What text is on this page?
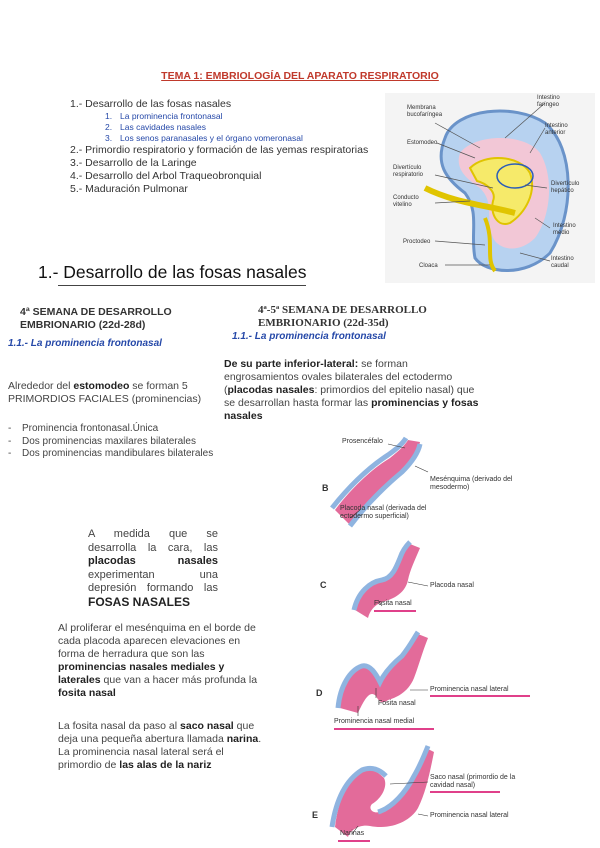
TEMA 1: EMBRIOLOGÍA DEL APARATO RESPIRATORIO
1.- Desarrollo de las fosas nasales
1. La prominencia frontonasal
2. Las cavidades nasales
3. Los senos paranasales y el órgano vomeronasal
2.- Primordio respiratorio y formación de las yemas respiratorias
3.- Desarrollo de la Laringe
4.- Desarrollo del Arbol Traqueobronquial
5.- Maduración Pulmonar
Membrana bucofaríngea
Intestino faríngeo
Estomodeo
Intestino anterior
Divertículo respiratorio
Divertículo hepático
Conducto vitelino
Intestino medio
Proctodeo
Intestino caudal
Cloaca
1.- Desarrollo de las fosas nasales
4ª SEMANA DE DESARROLLO EMBRIONARIO (22d-28d)
1.1.- La prominencia frontonasal
Alrededor del estomodeo se forman 5 PRIMORDIOS FACIALES (prominencias)
-	Prominencia frontonasal.Única
-	Dos prominencias maxilares bilaterales
-	Dos prominencias mandibulares bilaterales
A medida que se desarrolla la cara, las placodas nasales experimentan una depresión formando las FOSAS NASALES
Al proliferar el mesénquima en el borde de cada placoda aparecen elevaciones en forma de herradura que son las prominencias nasales mediales y laterales que van a hacer más profunda la fosita nasal
La fosita nasal da paso al saco nasal que deja una pequeña abertura llamada narina. La prominencia nasal lateral será el primordio de las alas de la nariz
4ª-5ª SEMANA DE DESARROLLO EMBRIONARIO (22d-35d)
1.1.- La prominencia frontonasal
De su parte inferior-lateral: se forman engrosamientos ovales bilaterales del ectodermo (placodas nasales: primordios del epitelio nasal) que se desarrollan hasta formar las prominencias y fosas nasales
B
Prosencéfalo
Mesénquima (derivado del mesodermo)
Placoda nasal (derivada del ectodermo superficial)
C	Placoda nasal
Fosita nasal
D	Prominencia nasal lateral
Fosita nasal
Prominencia nasal medial
E
Saco nasal (primordio de la cavidad nasal)
Prominencia nasal lateral
Narinas
